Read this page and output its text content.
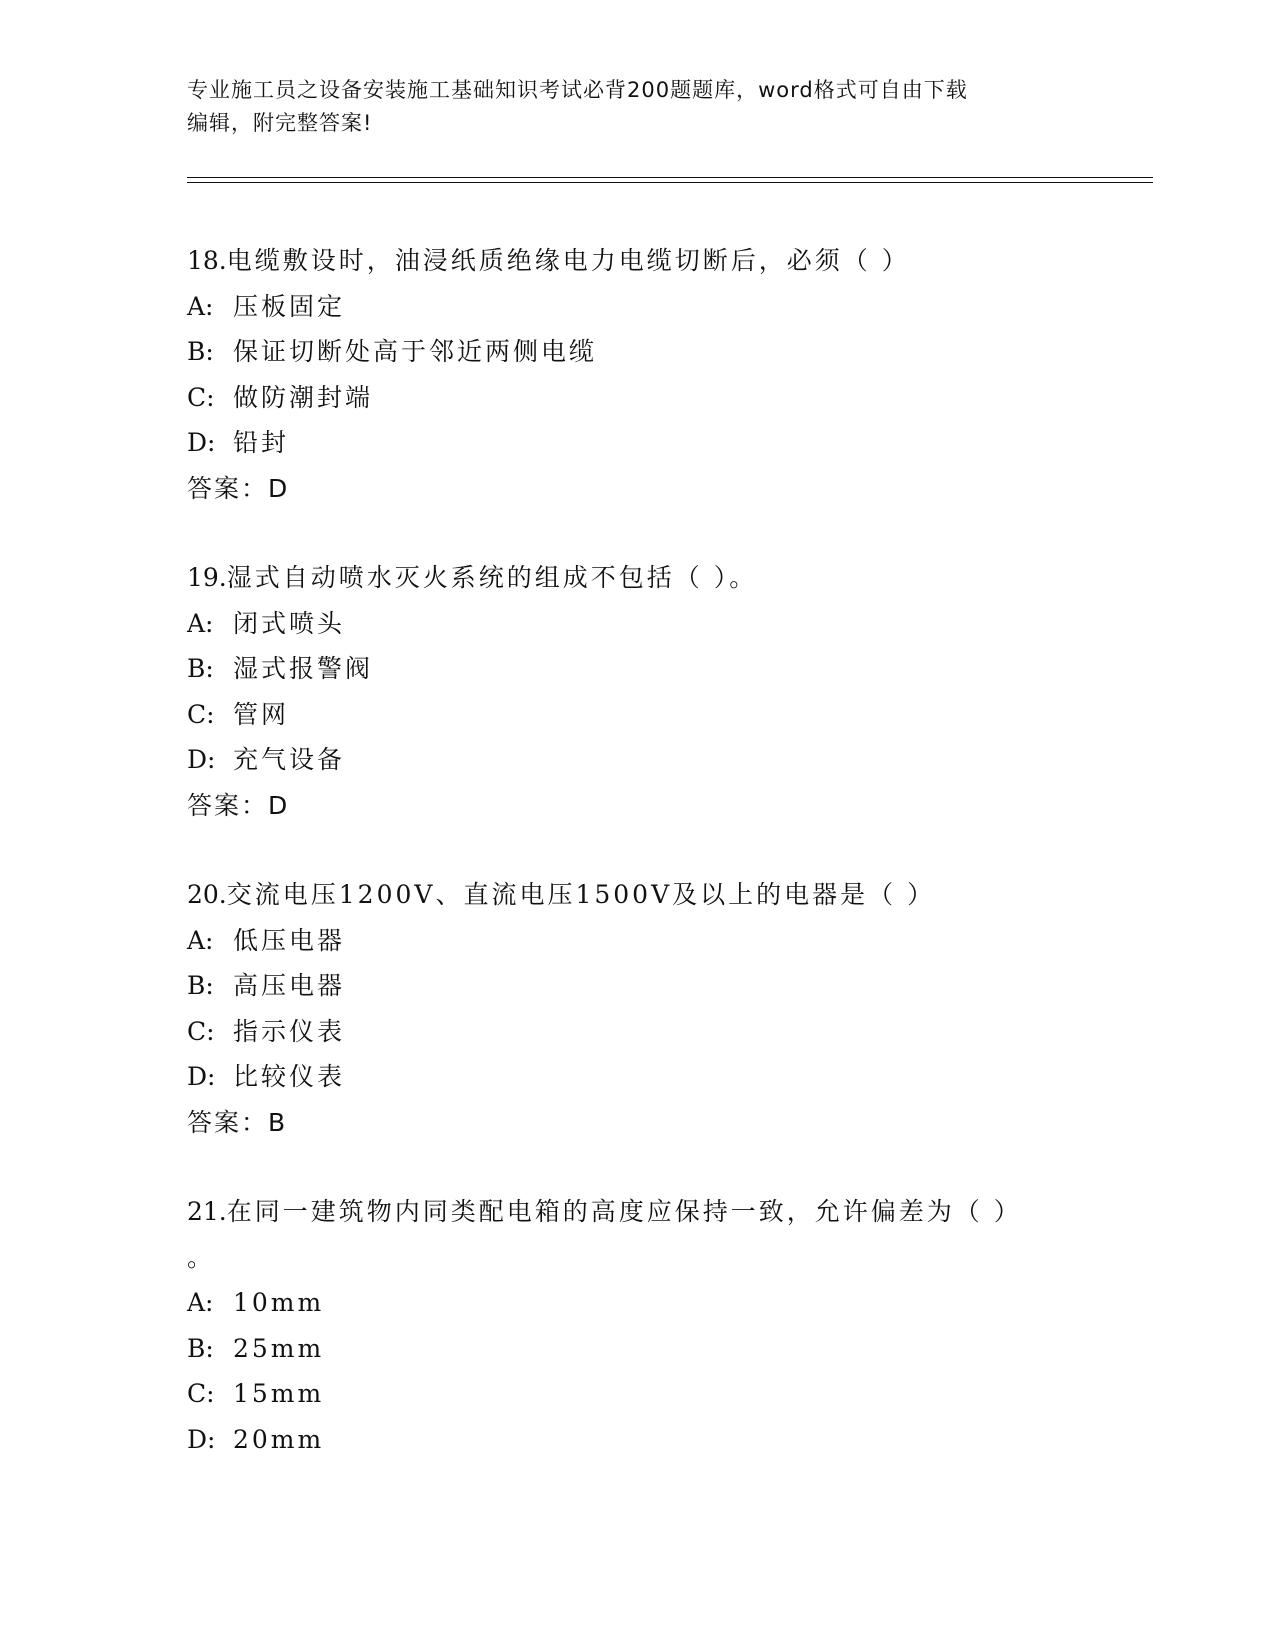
专业施工员之设备安装施工基础知识考试必背200题题库，word格式可自由下载
编辑，附完整答案!
18.电缆敷设时，油浸纸质绝缘电力电缆切断后，必须（ ）
A: 压板固定
B: 保证切断处高于邻近两侧电缆
C: 做防潮封端
D: 铅封
答案：D
19.湿式自动喷水灭火系统的组成不包括（ ）。
A: 闭式喷头
B: 湿式报警阀
C: 管网
D: 充气设备
答案：D
20.交流电压1200V、直流电压1500V及以上的电器是（ ）
A: 低压电器
B: 高压电器
C: 指示仪表
D: 比较仪表
答案：B
21.在同一建筑物内同类配电箱的高度应保持一致，允许偏差为（ ）
。
A: 10mm
B: 25mm
C: 15mm
D: 20mm
